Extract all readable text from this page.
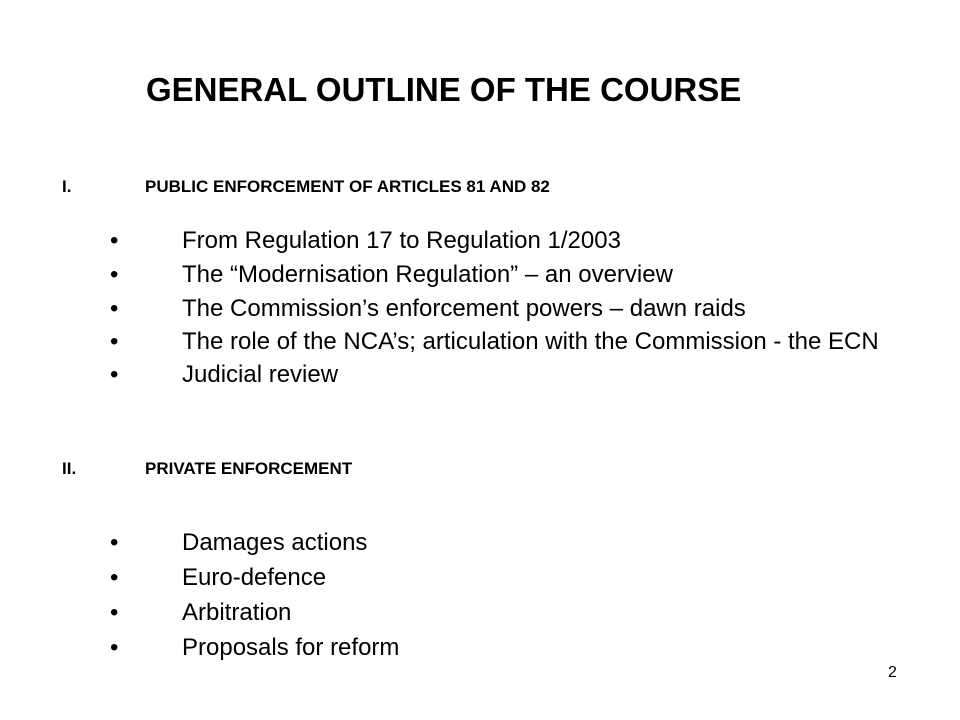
GENERAL OUTLINE OF THE COURSE
I.	PUBLIC ENFORCEMENT OF ARTICLES 81 AND 82
•	From Regulation 17 to Regulation 1/2003
•	The “Modernisation Regulation” – an overview
•	The Commission’s enforcement powers – dawn raids
•	The role of the NCA’s; articulation with the Commission - the ECN
•	Judicial review
II.	PRIVATE ENFORCEMENT
•	Damages actions
•	Euro-defence
•	Arbitration
•	Proposals for reform
2
